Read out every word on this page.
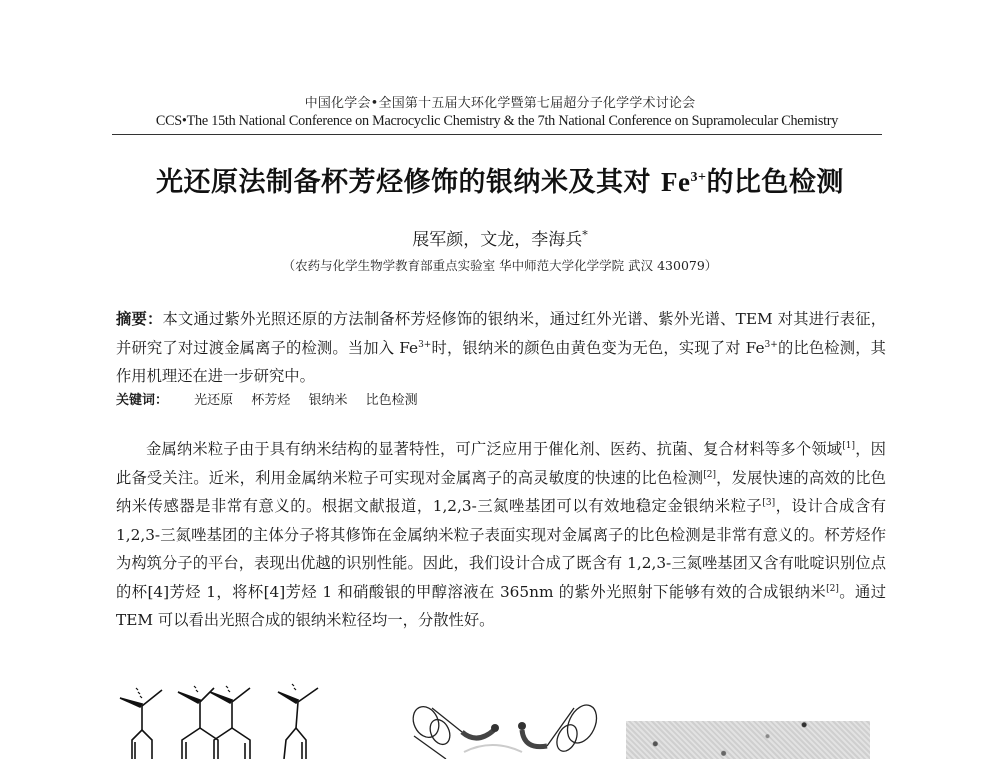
中国化学会•全国第十五届大环化学暨第七届超分子化学学术讨论会
CCS•The 15th National Conference on Macrocyclic Chemistry & the 7th National Conference on Supramolecular Chemistry
光还原法制备杯芳烃修饰的银纳米及其对 $Fe^{3+}$的比色检测
展军颜，文龙，李海兵*
（农药与化学生物学教育部重点实验室 华中师范大学化学学院 武汉 430079）
摘要：本文通过紫外光照还原的方法制备杯芳烃修饰的银纳米，通过红外光谱、紫外光谱、TEM 对其进行表征，并研究了对过渡金属离子的检测。当加入 $Fe^{3+}$时，银纳米的颜色由黄色变为无色，实现了对 $Fe^{3+}$的比色检测，其作用机理还在进一步研究中。
关键词： 光还原 杯芳烃 银纳米 比色检测
金属纳米粒子由于具有纳米结构的显著特性，可广泛应用于催化剂、医药、抗菌、复合材料等多个领域[1]，因此备受关注。近米，利用金属纳米粒子可实现对金属离子的高灵敏度的快速的比色检测[2]，发展快速的高效的比色纳米传感器是非常有意义的。根据文献报道，1,2,3-三氮唑基团可以有效地稳定金银纳米粒子[3]，设计合成含有 1,2,3-三氮唑基团的主体分子将其修饰在金属纳米粒子表面实现对金属离子的比色检测是非常有意义的。杯芳烃作为构筑分子的平台，表现出优越的识别性能。因此，我们设计合成了既含有 1,2,3-三氮唑基团又含有吡啶识别位点的杯[4]芳烃 1，将杯[4]芳烃 1 和硝酸银的甲醇溶液在 365nm 的紫外光照射下能够有效的合成银纳米[2]。通过 TEM 可以看出光照合成的银纳米粒径均一，分散性好。
